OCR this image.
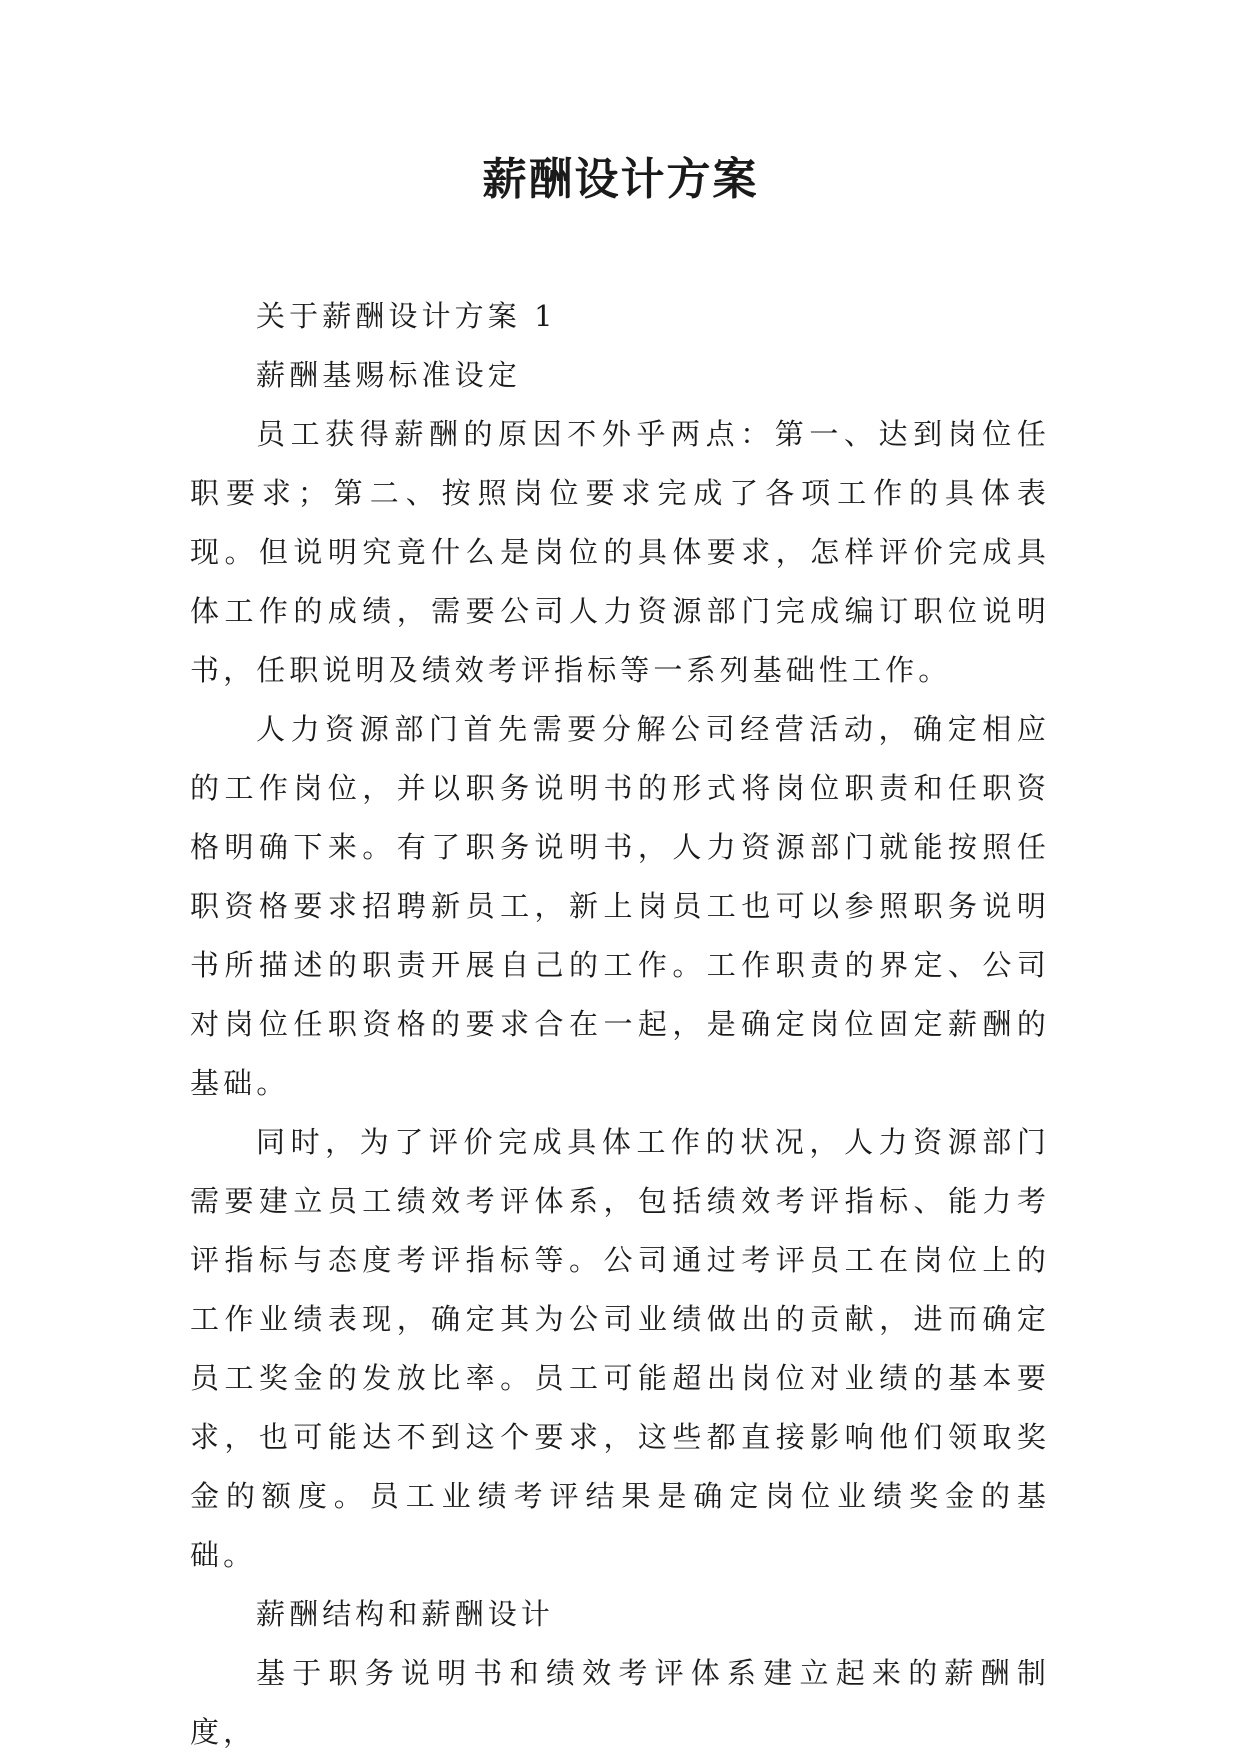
薪酬设计方案

关于薪酬设计方案 1

薪酬基赐标准设定

员工获得薪酬的原因不外乎两点：第一、达到岗位任职要求；第二、按照岗位要求完成了各项工作的具体表现。但说明究竟什么是岗位的具体要求，怎样评价完成具体工作的成绩，需要公司人力资源部门完成编订职位说明书，任职说明及绩效考评指标等一系列基础性工作。

人力资源部门首先需要分解公司经营活动，确定相应的工作岗位，并以职务说明书的形式将岗位职责和任职资格明确下来。有了职务说明书，人力资源部门就能按照任职资格要求招聘新员工，新上岗员工也可以参照职务说明书所描述的职责开展自己的工作。工作职责的界定、公司对岗位任职资格的要求合在一起，是确定岗位固定薪酬的基础。

同时，为了评价完成具体工作的状况，人力资源部门需要建立员工绩效考评体系，包括绩效考评指标、能力考评指标与态度考评指标等。公司通过考评员工在岗位上的工作业绩表现，确定其为公司业绩做出的贡献，进而确定员工奖金的发放比率。员工可能超出岗位对业绩的基本要求，也可能达不到这个要求，这些都直接影响他们领取奖金的额度。员工业绩考评结果是确定岗位业绩奖金的基础。

薪酬结构和薪酬设计

基于职务说明书和绩效考评体系建立起来的薪酬制度，
